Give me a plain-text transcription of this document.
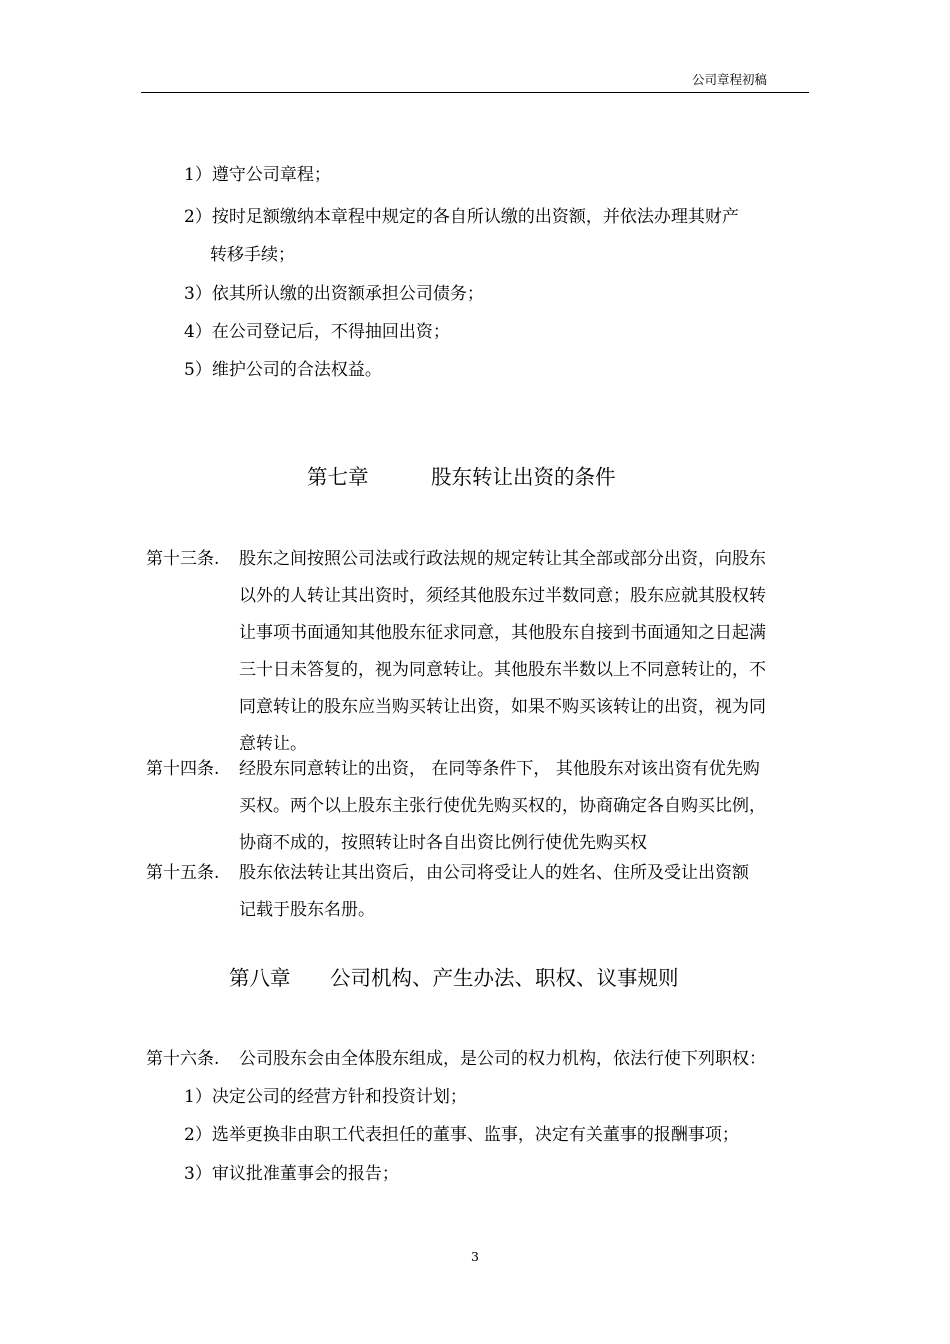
公司章程初稿
1）遵守公司章程；
2）按时足额缴纳本章程中规定的各自所认缴的出资额，并依法办理其财产
转移手续；
3）依其所认缴的出资额承担公司债务；
4）在公司登记后，不得抽回出资；
5）维护公司的合法权益。
第七章	股东转让出资的条件
第十三条. 股东之间按照公司法或行政法规的规定转让其全部或部分出资，向股东
以外的人转让其出资时，须经其他股东过半数同意；股东应就其股权转
让事项书面通知其他股东征求同意，其他股东自接到书面通知之日起满
三十日未答复的，视为同意转让。其他股东半数以上不同意转让的，不
同意转让的股东应当购买转让出资，如果不购买该转让的出资，视为同
意转让。
第十四条. 经股东同意转让的出资， 在同等条件下， 其他股东对该出资有优先购
买权。两个以上股东主张行使优先购买权的，协商确定各自购买比例，
协商不成的，按照转让时各自出资比例行使优先购买权
第十五条. 股东依法转让其出资后，由公司将受让人的姓名、住所及受让出资额
记载于股东名册。
第八章 公司机构、产生办法、职权、议事规则
第十六条. 公司股东会由全体股东组成，是公司的权力机构，依法行使下列职权：
1）决定公司的经营方针和投资计划；
2）选举更换非由职工代表担任的董事、监事，决定有关董事的报酬事项；
3）审议批准董事会的报告；
3
